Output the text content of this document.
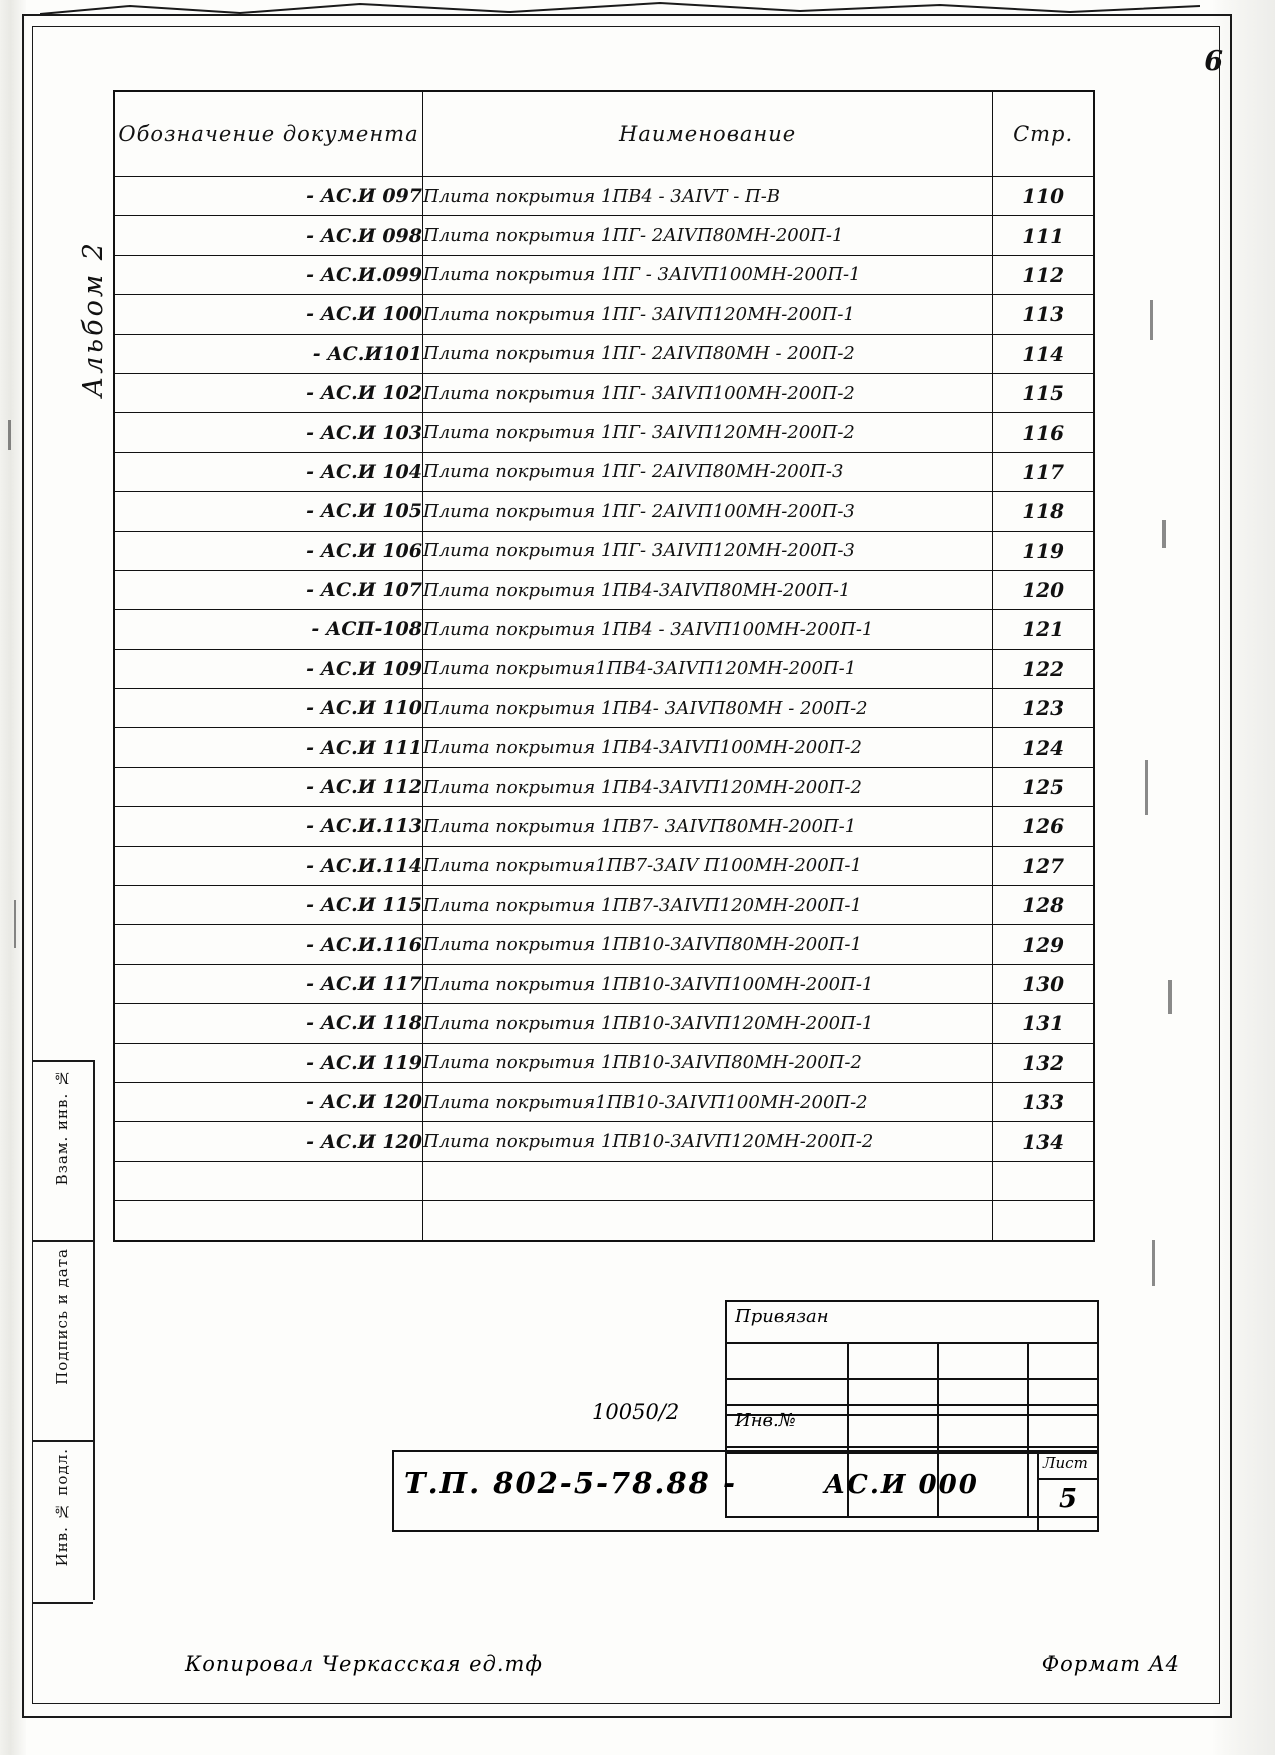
6
Альбом 2
Взам. инв. №
Подпись и дата
Инв. № подл.
Обозначение документа	Наименование	Стр.
- АС.И 097	Плита покрытия 1ПВ4 - 3АIVТ - П-В	110
- АС.И 098	Плита покрытия 1ПГ- 2АIVП80МН-200П-1	111
- АС.И.099	Плита покрытия 1ПГ - 3АIVП100МН-200П-1	112
- АС.И 100	Плита покрытия 1ПГ- 3АIVП120МН-200П-1	113
- АС.И101	Плита покрытия 1ПГ- 2АIVП80МН - 200П-2	114
- АС.И 102	Плита покрытия 1ПГ- 3АIVП100МН-200П-2	115
- АС.И 103	Плита покрытия 1ПГ- 3АIVП120МН-200П-2	116
- АС.И 104	Плита покрытия 1ПГ- 2АIVП80МН-200П-3	117
- АС.И 105	Плита покрытия 1ПГ- 2АIVП100МН-200П-3	118
- АС.И 106	Плита покрытия 1ПГ- 3АIVП120МН-200П-3	119
- АС.И 107	Плита покрытия 1ПВ4-3АIVП80МН-200П-1	120
- АСП-108	Плита покрытия 1ПВ4 - 3АIVП100МН-200П-1	121
- АС.И 109	Плита покрытия1ПВ4-3АIVП120МН-200П-1	122
- АС.И 110	Плита покрытия 1ПВ4- 3АIVП80МН - 200П-2	123
- АС.И 111	Плита покрытия 1ПВ4-3АIVП100МН-200П-2	124
- АС.И 112	Плита покрытия 1ПВ4-3АIVП120МН-200П-2	125
- АС.И.113	Плита покрытия 1ПВ7- 3АIVП80МН-200П-1	126
- АС.И.114	Плита покрытия1ПВ7-3АIV П100МН-200П-1	127
- АС.И 115	Плита покрытия 1ПВ7-3АIVП120МН-200П-1	128
- АС.И.116	Плита покрытия 1ПВ10-3АIVП80МН-200П-1	129
- АС.И 117	Плита покрытия 1ПВ10-3АIVП100МН-200П-1	130
- АС.И 118	Плита покрытия 1ПВ10-3АIVП120МН-200П-1	131
- АС.И 119	Плита покрытия 1ПВ10-3АIVП80МН-200П-2	132
- АС.И 120	Плита покрытия1ПВ10-3АIVП100МН-200П-2	133
- АС.И 120	Плита покрытия 1ПВ10-3АIVП120МН-200П-2	134

Привязан
Инв.№
10050/2
Т.П. 802-5-78.88 -	АС.И 000
Лист
5
Копировал Черкасская ед.тф	Формат А4
